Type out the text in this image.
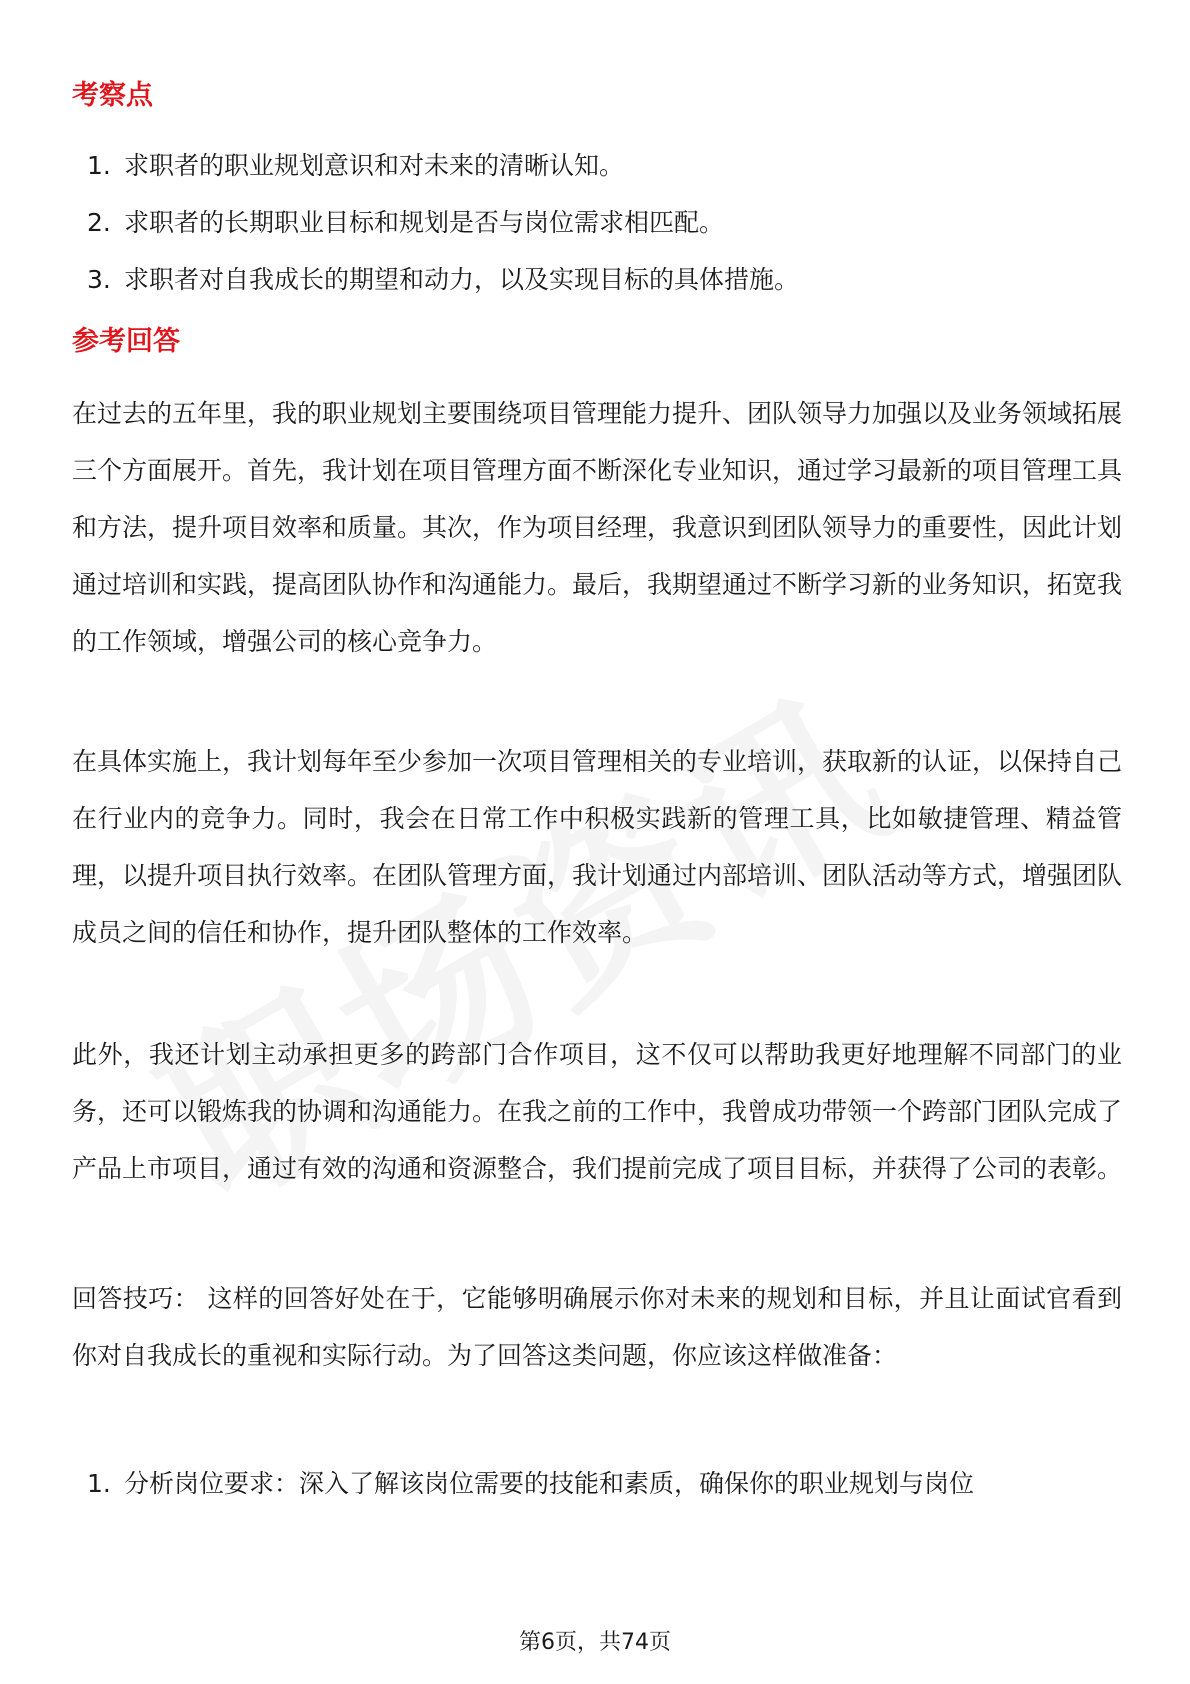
考察点
1. 求职者的职业规划意识和对未来的清晰认知。
2. 求职者的长期职业目标和规划是否与岗位需求相匹配。
3. 求职者对自我成长的期望和动力，以及实现目标的具体措施。
参考回答

在过去的五年里，我的职业规划主要围绕项目管理能力提升、团队领导力加强以及业务领域拓展三个方面展开。首先，我计划在项目管理方面不断深化专业知识，通过学习最新的项目管理工具和方法，提升项目效率和质量。其次，作为项目经理，我意识到团队领导力的重要性，因此计划通过培训和实践，提高团队协作和沟通能力。最后，我期望通过不断学习新的业务知识，拓宽我的工作领域，增强公司的核心竞争力。

在具体实施上，我计划每年至少参加一次项目管理相关的专业培训，获取新的认证，以保持自己在行业内的竞争力。同时，我会在日常工作中积极实践新的管理工具，比如敏捷管理、精益管理，以提升项目执行效率。在团队管理方面，我计划通过内部培训、团队活动等方式，增强团队成员之间的信任和协作，提升团队整体的工作效率。

此外，我还计划主动承担更多的跨部门合作项目，这不仅可以帮助我更好地理解不同部门的业务，还可以锻炼我的协调和沟通能力。在我之前的工作中，我曾成功带领一个跨部门团队完成了产品上市项目，通过有效的沟通和资源整合，我们提前完成了项目目标，并获得了公司的表彰。

回答技巧： 这样的回答好处在于，它能够明确展示你对未来的规划和目标，并且让面试官看到你对自我成长的重视和实际行动。为了回答这类问题，你应该这样做准备：

1. 分析岗位要求：深入了解该岗位需要的技能和素质，确保你的职业规划与岗位
第6页，共74页
